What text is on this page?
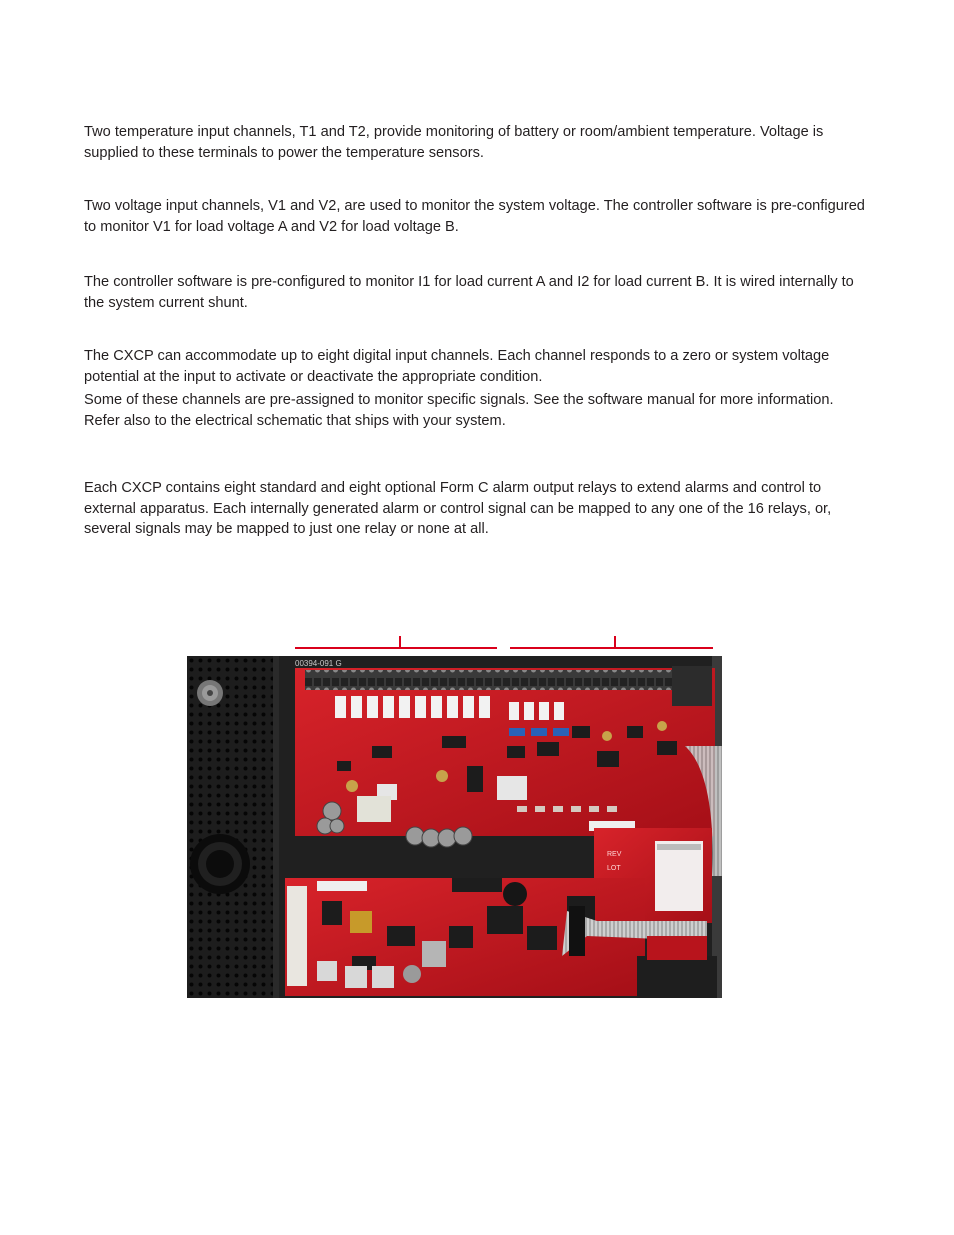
Two temperature input channels, T1 and T2, provide monitoring of battery or room/ambient temperature. Voltage is supplied to these terminals to power the temperature sensors.

Two voltage input channels, V1 and V2, are used to monitor the system voltage. The controller software is pre-configured to monitor V1 for load voltage A and V2 for load voltage B.

The controller software is pre-configured to monitor I1 for load current A and I2 for load current B. It is wired internally to the system current shunt.

The CXCP can accommodate up to eight digital input channels. Each channel responds to a zero or system voltage potential at the input to activate or deactivate the appropriate condition.

Some of these channels are pre-assigned to monitor specific signals. See the software manual for more information. Refer also to the electrical schematic that ships with your system.

Each CXCP contains eight standard and eight optional Form C alarm output relays to extend alarms and control to external apparatus. Each internally generated alarm or control signal can be mapped to any one of the 16 relays, or, several signals may be mapped to just one relay or none at all.

REV
LOT
00394-091 G
